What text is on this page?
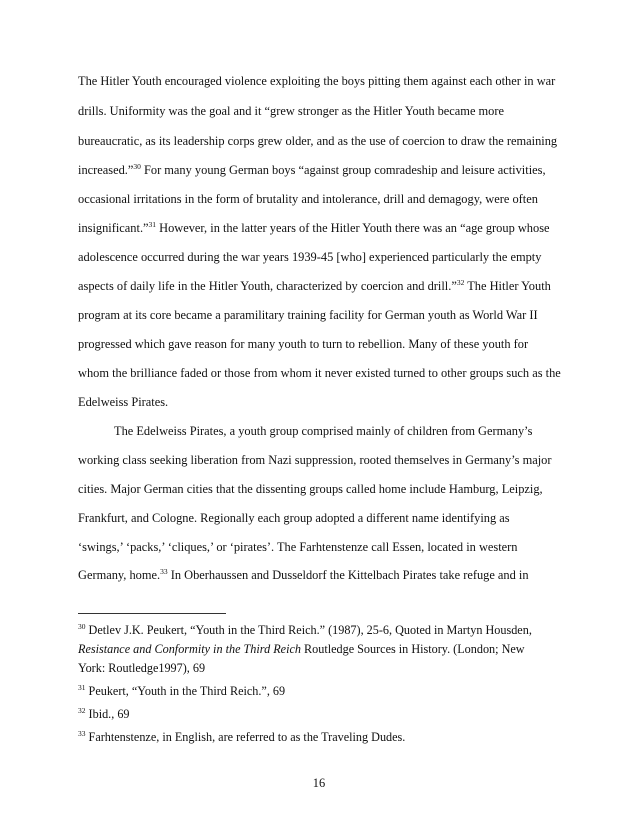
The Hitler Youth encouraged violence exploiting the boys pitting them against each other in war
drills. Uniformity was the goal and it “grew stronger as the Hitler Youth became more
bureaucratic, as its leadership corps grew older, and as the use of coercion to draw the remaining
increased.”$^{30}$ For many young German boys “against group comradeship and leisure activities,
occasional irritations in the form of brutality and intolerance, drill and demagogy, were often
insignificant.”$^{31}$ However, in the latter years of the Hitler Youth there was an “age group whose
adolescence occurred during the war years 1939-45 [who] experienced particularly the empty
aspects of daily life in the Hitler Youth, characterized by coercion and drill.”$^{32}$ The Hitler Youth
program at its core became a paramilitary training facility for German youth as World War II
progressed which gave reason for many youth to turn to rebellion. Many of these youth for
whom the brilliance faded or those from whom it never existed turned to other groups such as the
Edelweiss Pirates.
The Edelweiss Pirates, a youth group comprised mainly of children from Germany’s
working class seeking liberation from Nazi suppression, rooted themselves in Germany’s major
cities. Major German cities that the dissenting groups called home include Hamburg, Leipzig,
Frankfurt, and Cologne. Regionally each group adopted a different name identifying as
‘swings,’ ‘packs,’ ‘cliques,’ or ‘pirates’. The Farhtenstenze call Essen, located in western
Germany, home.$^{33}$ In Oberhaussen and Dusseldorf the Kittelbach Pirates take refuge and in
$^{30}$ Detlev J.K. Peukert, “Youth in the Third Reich.” (1987), 25-6, Quoted in Martyn Housden,
Resistance and Conformity in the Third Reich Routledge Sources in History. (London; New
York: Routledge1997), 69
$^{31}$ Peukert, “Youth in the Third Reich.”, 69
$^{32}$ Ibid., 69
$^{33}$ Farhtenstenze, in English, are referred to as the Traveling Dudes.
16
